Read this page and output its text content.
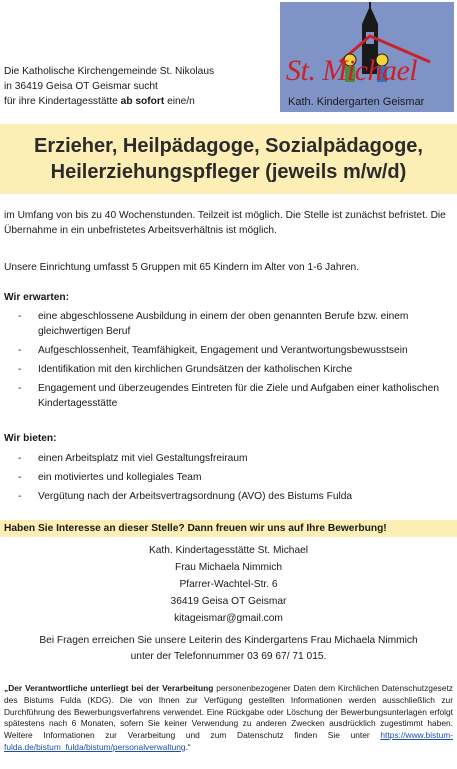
Die Katholische Kirchengemeinde St. Nikolaus
in 36419 Geisa OT Geismar sucht
für ihre Kindertagesstätte ab sofort eine/n
St. Michael
Kath. Kindergarten Geismar
Erzieher, Heilpädagoge, Sozialpädagoge,
Heilerziehungspfleger (jeweils m/w/d)
im Umfang von bis zu 40 Wochenstunden. Teilzeit ist möglich. Die Stelle ist zunächst befristet. Die Übernahme in ein unbefristetes Arbeitsverhältnis ist möglich.
Unsere Einrichtung umfasst 5 Gruppen mit 65 Kindern im Alter von 1-6 Jahren.
Wir erwarten:
- eine abgeschlossene Ausbildung in einem der oben genannten Berufe bzw. einem gleichwertigen Beruf
- Aufgeschlossenheit, Teamfähigkeit, Engagement und Verantwortungsbewusstsein
- Identifikation mit den kirchlichen Grundsätzen der katholischen Kirche
- Engagement und überzeugendes Eintreten für die Ziele und Aufgaben einer katholischen Kindertagesstätte
Wir bieten:
- einen Arbeitsplatz mit viel Gestaltungsfreiraum
- ein motiviertes und kollegiales Team
- Vergütung nach der Arbeitsvertragsordnung (AVO) des Bistums Fulda
Haben Sie Interesse an dieser Stelle? Dann freuen wir uns auf Ihre Bewerbung!
Kath. Kindertagesstätte St. Michael
Frau Michaela Nimmich
Pfarrer-Wachtel-Str. 6
36419 Geisa OT Geismar
kitageismar@gmail.com
Bei Fragen erreichen Sie unsere Leiterin des Kindergartens Frau Michaela Nimmich
unter der Telefonnummer 03 69 67/ 71 015.
„Der Verantwortliche unterliegt bei der Verarbeitung personenbezogener Daten dem Kirchlichen Datenschutzgesetz des Bistums Fulda (KDG). Die von Ihnen zur Verfügung gestellten Informationen werden ausschließlich zur Durchführung des Bewerbungsverfahrens verwendet. Eine Rückgabe oder Löschung der Bewerbungsunterlagen erfolgt spätestens nach 6 Monaten, sofern Sie keiner Verwendung zu anderen Zwecken ausdrücklich zugestimmt haben. Weitere Informationen zur Verarbeitung und zum Datenschutz finden Sie unter https://www.bistum-fulda.de/bistum_fulda/bistum/personalverwaltung.“
